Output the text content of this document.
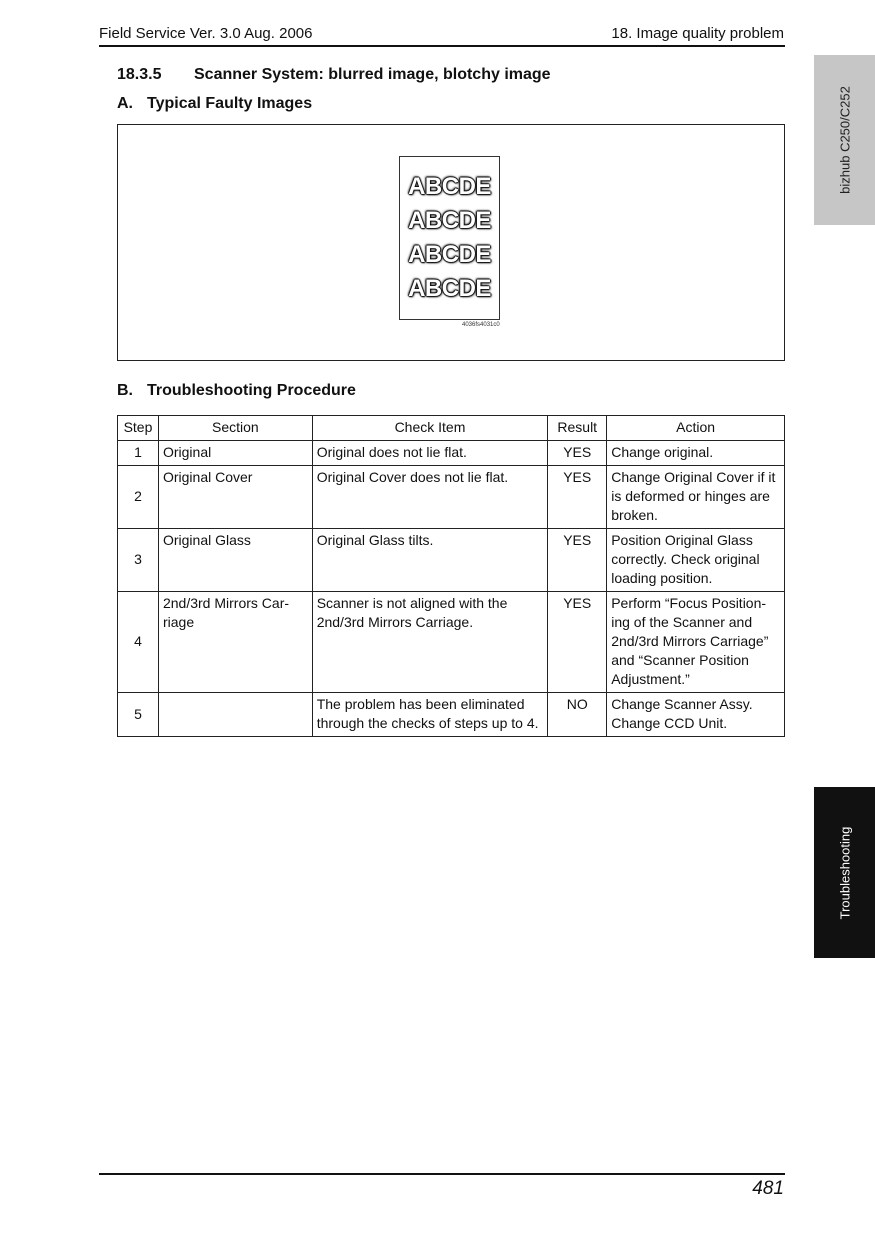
Field Service Ver. 3.0 Aug. 2006	18. Image quality problem
18.3.5 Scanner System: blurred image, blotchy image
A. Typical Faulty Images
ABCDE
ABCDE
ABCDE
ABCDE
4036fs4031c0
B. Troubleshooting Procedure
Step	Section	Check Item	Result	Action
1	Original	Original does not lie flat.	YES	Change original.
2	Original Cover	Original Cover does not lie flat.	YES	Change Original Cover if it is deformed or hinges are broken.
3	Original Glass	Original Glass tilts.	YES	Position Original Glass correctly. Check original loading position.
4	2nd/3rd Mirrors Car-riage	Scanner is not aligned with the 2nd/3rd Mirrors Carriage.	YES	Perform “Focus Position-ing of the Scanner and 2nd/3rd Mirrors Carriage” and “Scanner Position Adjustment.”
5		The problem has been eliminated through the checks of steps up to 4.	NO	Change Scanner Assy. Change CCD Unit.
bizhub C250/C252
Troubleshooting
481
